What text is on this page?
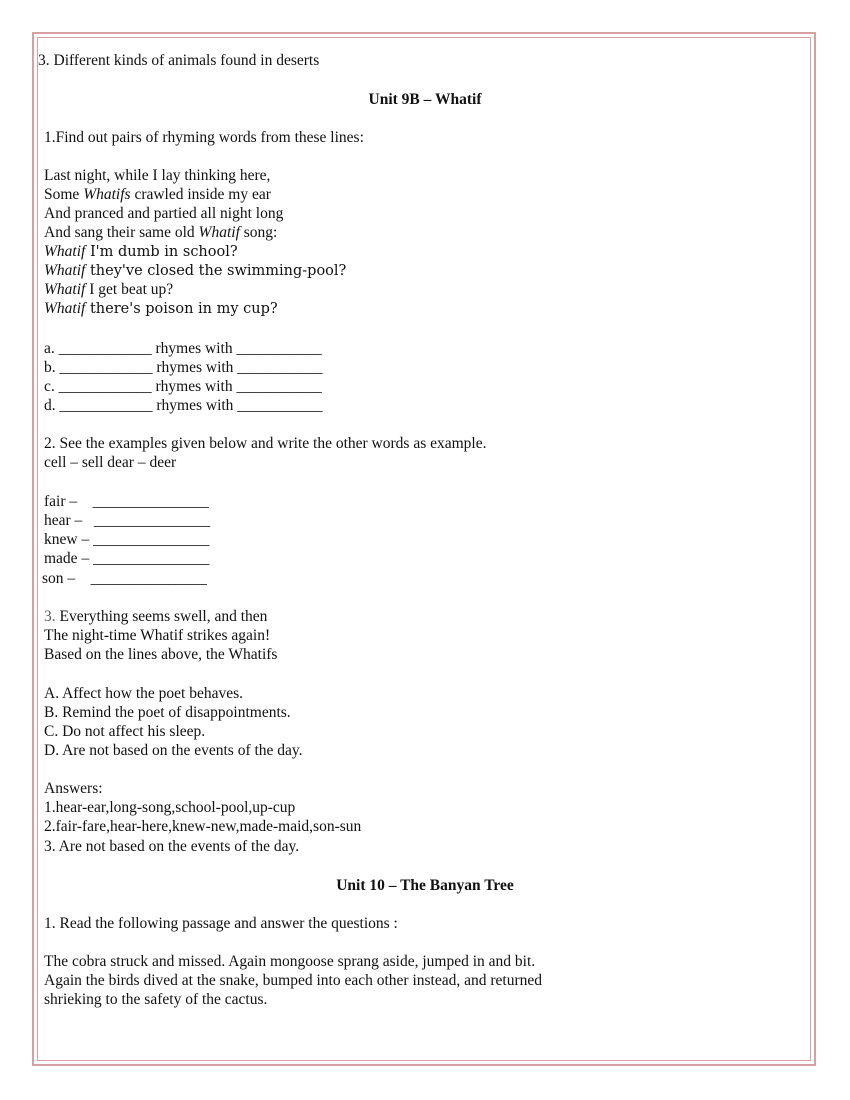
3. Different kinds of animals found in deserts
Unit 9B – Whatif
1.Find out pairs of rhyming words from these lines:
Last night, while I lay thinking here,
Some Whatifs crawled inside my ear
And pranced and partied all night long
And sang their same old Whatif song:
Whatif I'm dumb in school?
Whatif they've closed the swimming-pool?
Whatif I get beat up?
Whatif there's poison in my cup?
a. ____________ rhymes with ___________
b. ____________ rhymes with ___________
c. ____________ rhymes with ___________
d. ____________ rhymes with ___________
2. See the examples given below and write the other words as example.
cell – sell dear – deer
fair –    _______________
hear –   _______________
knew – _______________
made – _______________
son –    _______________
3. Everything seems swell, and then
The night-time Whatif strikes again!
Based on the lines above, the Whatifs
A. Affect how the poet behaves.
B. Remind the poet of disappointments.
C. Do not affect his sleep.
D. Are not based on the events of the day.
Answers:
1.hear-ear,long-song,school-pool,up-cup
2.fair-fare,hear-here,knew-new,made-maid,son-sun
3. Are not based on the events of the day.
Unit 10 – The Banyan Tree
1. Read the following passage and answer the questions :
The cobra struck and missed. Again mongoose sprang aside, jumped in and bit.
Again the birds dived at the snake, bumped into each other instead, and returned
shrieking to the safety of the cactus.
